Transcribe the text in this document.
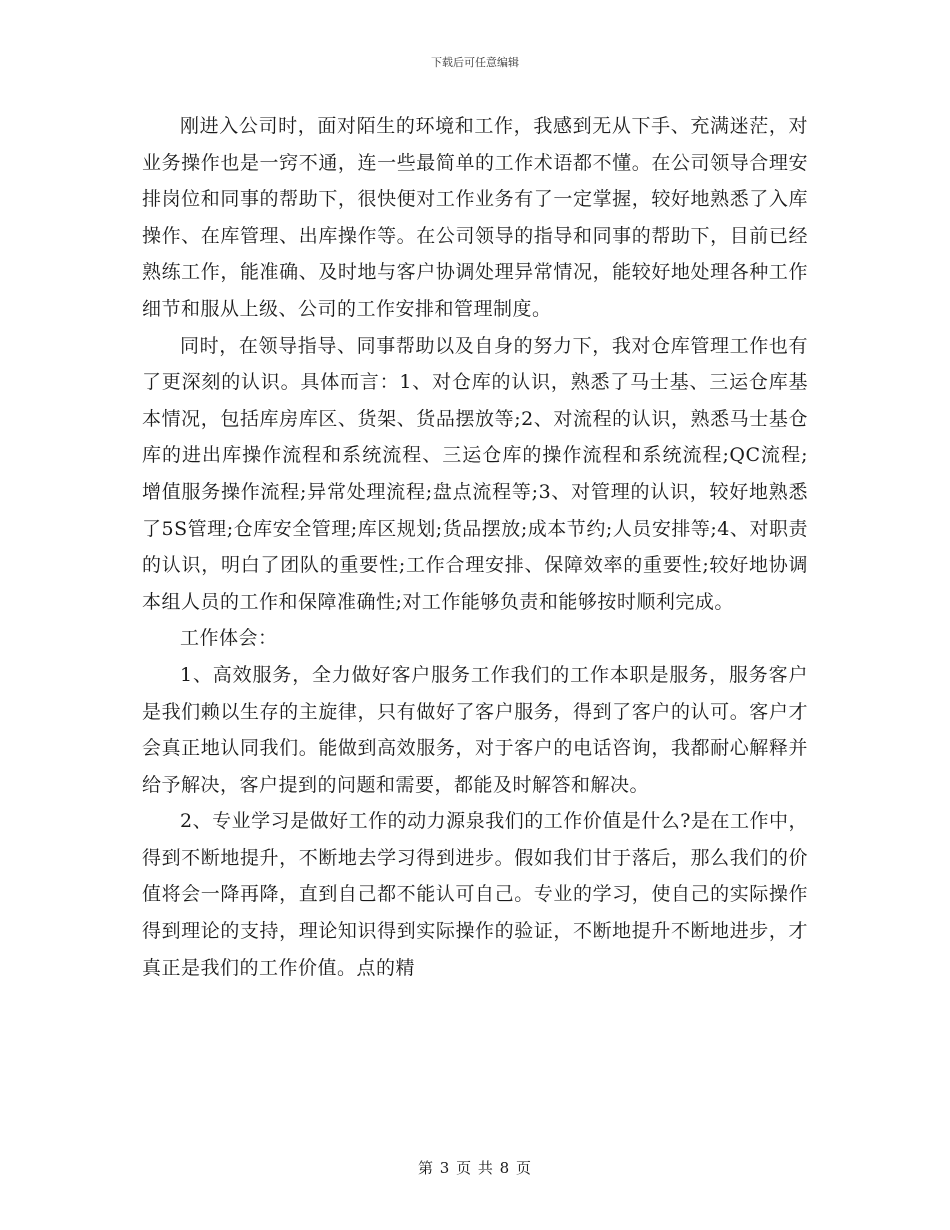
下载后可任意编辑

刚进入公司时，面对陌生的环境和工作，我感到无从下手、充满迷茫，对业务操作也是一窍不通，连一些最简单的工作术语都不懂。在公司领导合理安排岗位和同事的帮助下，很快便对工作业务有了一定掌握，较好地熟悉了入库操作、在库管理、出库操作等。在公司领导的指导和同事的帮助下，目前已经熟练工作，能准确、及时地与客户协调处理异常情况，能较好地处理各种工作细节和服从上级、公司的工作安排和管理制度。

同时，在领导指导、同事帮助以及自身的努力下，我对仓库管理工作也有了更深刻的认识。具体而言：1、对仓库的认识，熟悉了马士基、三运仓库基本情况，包括库房库区、货架、货品摆放等;2、对流程的认识，熟悉马士基仓库的进出库操作流程和系统流程、三运仓库的操作流程和系统流程;QC流程;增值服务操作流程;异常处理流程;盘点流程等;3、对管理的认识，较好地熟悉了5S管理;仓库安全管理;库区规划;货品摆放;成本节约;人员安排等;4、对职责的认识，明白了团队的重要性;工作合理安排、保障效率的重要性;较好地协调本组人员的工作和保障准确性;对工作能够负责和能够按时顺利完成。

工作体会：

1、高效服务，全力做好客户服务工作我们的工作本职是服务，服务客户是我们赖以生存的主旋律，只有做好了客户服务，得到了客户的认可。客户才会真正地认同我们。能做到高效服务，对于客户的电话咨询，我都耐心解释并给予解决，客户提到的问题和需要，都能及时解答和解决。

2、专业学习是做好工作的动力源泉我们的工作价值是什么?是在工作中，得到不断地提升，不断地去学习得到进步。假如我们甘于落后，那么我们的价值将会一降再降，直到自己都不能认可自己。专业的学习，使自己的实际操作得到理论的支持，理论知识得到实际操作的验证，不断地提升不断地进步，才真正是我们的工作价值。点的精

第 3 页 共 8 页
